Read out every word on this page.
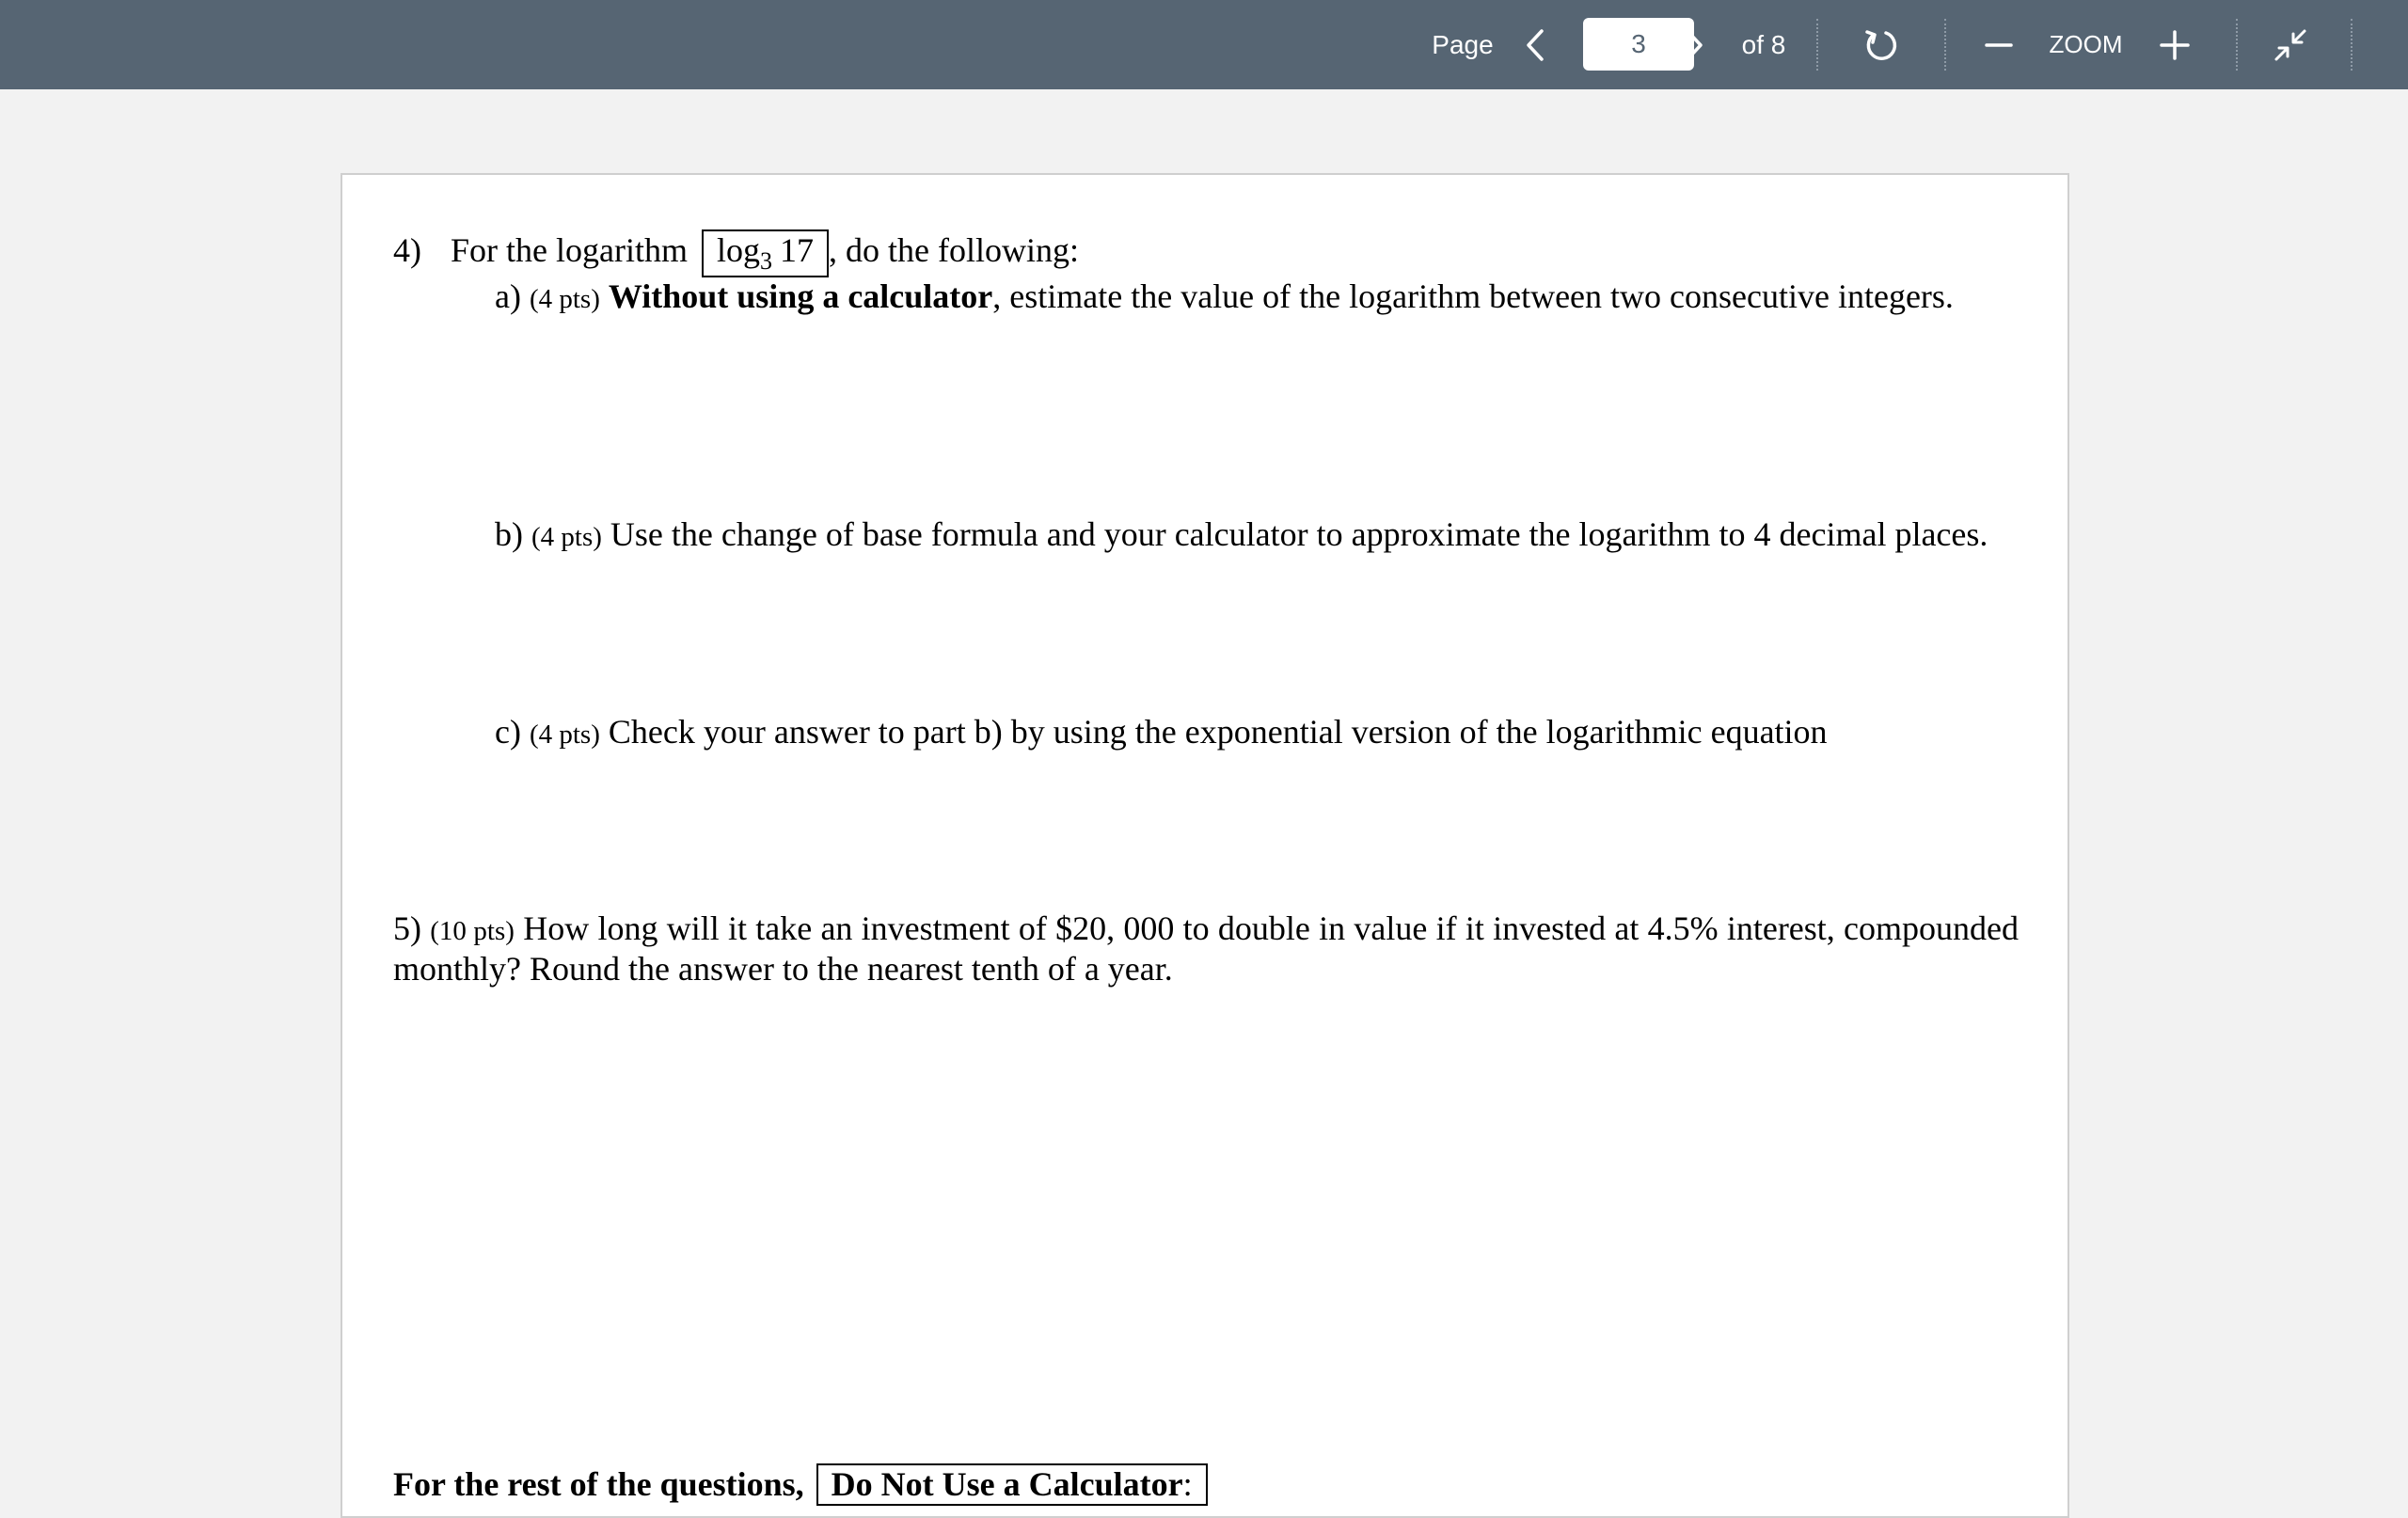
Page
3	of 8	ZOOM
4) For the logarithm $\log_3 17$ , do the following:
a) (4 pts) Without using a calculator, estimate the value of the logarithm between two consecutive integers.
b) (4 pts) Use the change of base formula and your calculator to approximate the logarithm to 4 decimal places.
c) (4 pts) Check your answer to part b) by using the exponential version of the logarithmic equation
5) (10 pts) How long will it take an investment of $20, 000 to double in value if it invested at 4.5% interest, compounded monthly? Round the answer to the nearest tenth of a year.
For the rest of the questions, Do Not Use a Calculator:
